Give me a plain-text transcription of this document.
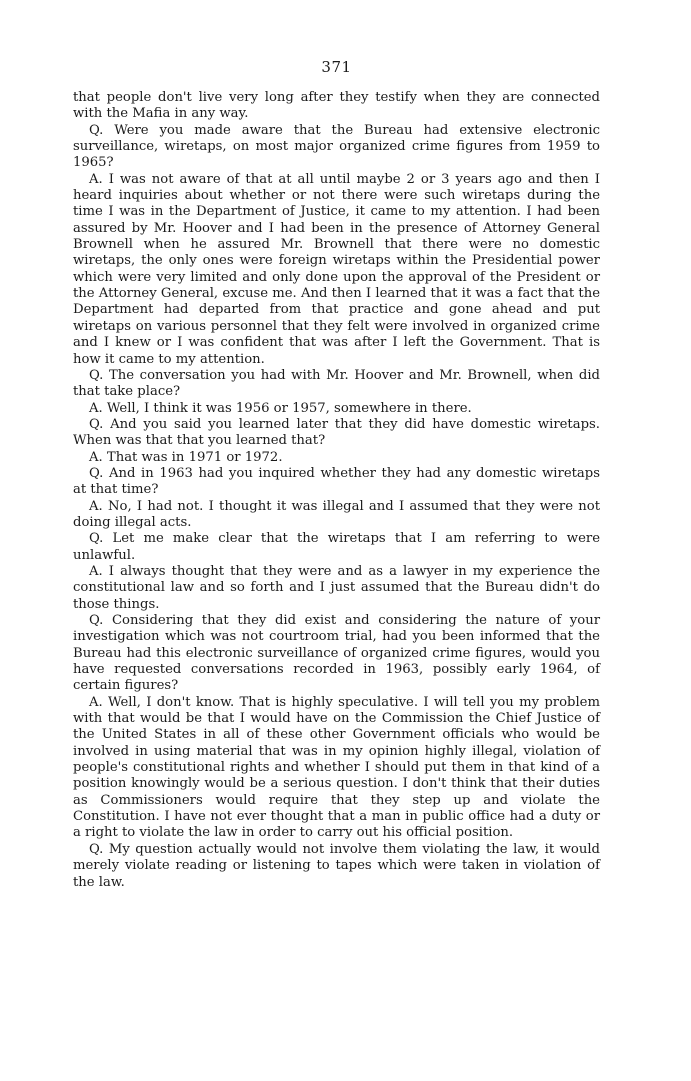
371

that people don't live very long after they testify when they are connected with the Mafia in any way.

Q. Were you made aware that the Bureau had extensive electronic surveillance, wiretaps, on most major organized crime figures from 1959 to 1965?

A. I was not aware of that at all until maybe 2 or 3 years ago and then I heard inquiries about whether or not there were such wiretaps during the time I was in the Department of Justice, it came to my attention. I had been assured by Mr. Hoover and I had been in the presence of Attorney General Brownell when he assured Mr. Brownell that there were no domestic wiretaps, the only ones were foreign wiretaps within the Presidential power which were very limited and only done upon the approval of the President or the Attorney General, excuse me. And then I learned that it was a fact that the Department had departed from that practice and gone ahead and put wiretaps on various personnel that they felt were involved in organized crime and I knew or I was confident that was after I left the Government. That is how it came to my attention.

Q. The conversation you had with Mr. Hoover and Mr. Brownell, when did that take place?

A. Well, I think it was 1956 or 1957, somewhere in there.

Q. And you said you learned later that they did have domestic wiretaps. When was that that you learned that?

A. That was in 1971 or 1972.

Q. And in 1963 had you inquired whether they had any domestic wiretaps at that time?

A. No, I had not. I thought it was illegal and I assumed that they were not doing illegal acts.

Q. Let me make clear that the wiretaps that I am referring to were unlawful.

A. I always thought that they were and as a lawyer in my experience the constitutional law and so forth and I just assumed that the Bureau didn't do those things.

Q. Considering that they did exist and considering the nature of your investigation which was not courtroom trial, had you been informed that the Bureau had this electronic surveillance of organized crime figures, would you have requested conversations recorded in 1963, possibly early 1964, of certain figures?

A. Well, I don't know. That is highly speculative. I will tell you my problem with that would be that I would have on the Commission the Chief Justice of the United States in all of these other Government officials who would be involved in using material that was in my opinion highly illegal, violation of people's constitutional rights and whether I should put them in that kind of a position knowingly would be a serious question. I don't think that their duties as Commissioners would require that they step up and violate the Constitution. I have not ever thought that a man in public office had a duty or a right to violate the law in order to carry out his official position.

Q. My question actually would not involve them violating the law, it would merely violate reading or listening to tapes which were taken in violation of the law.
